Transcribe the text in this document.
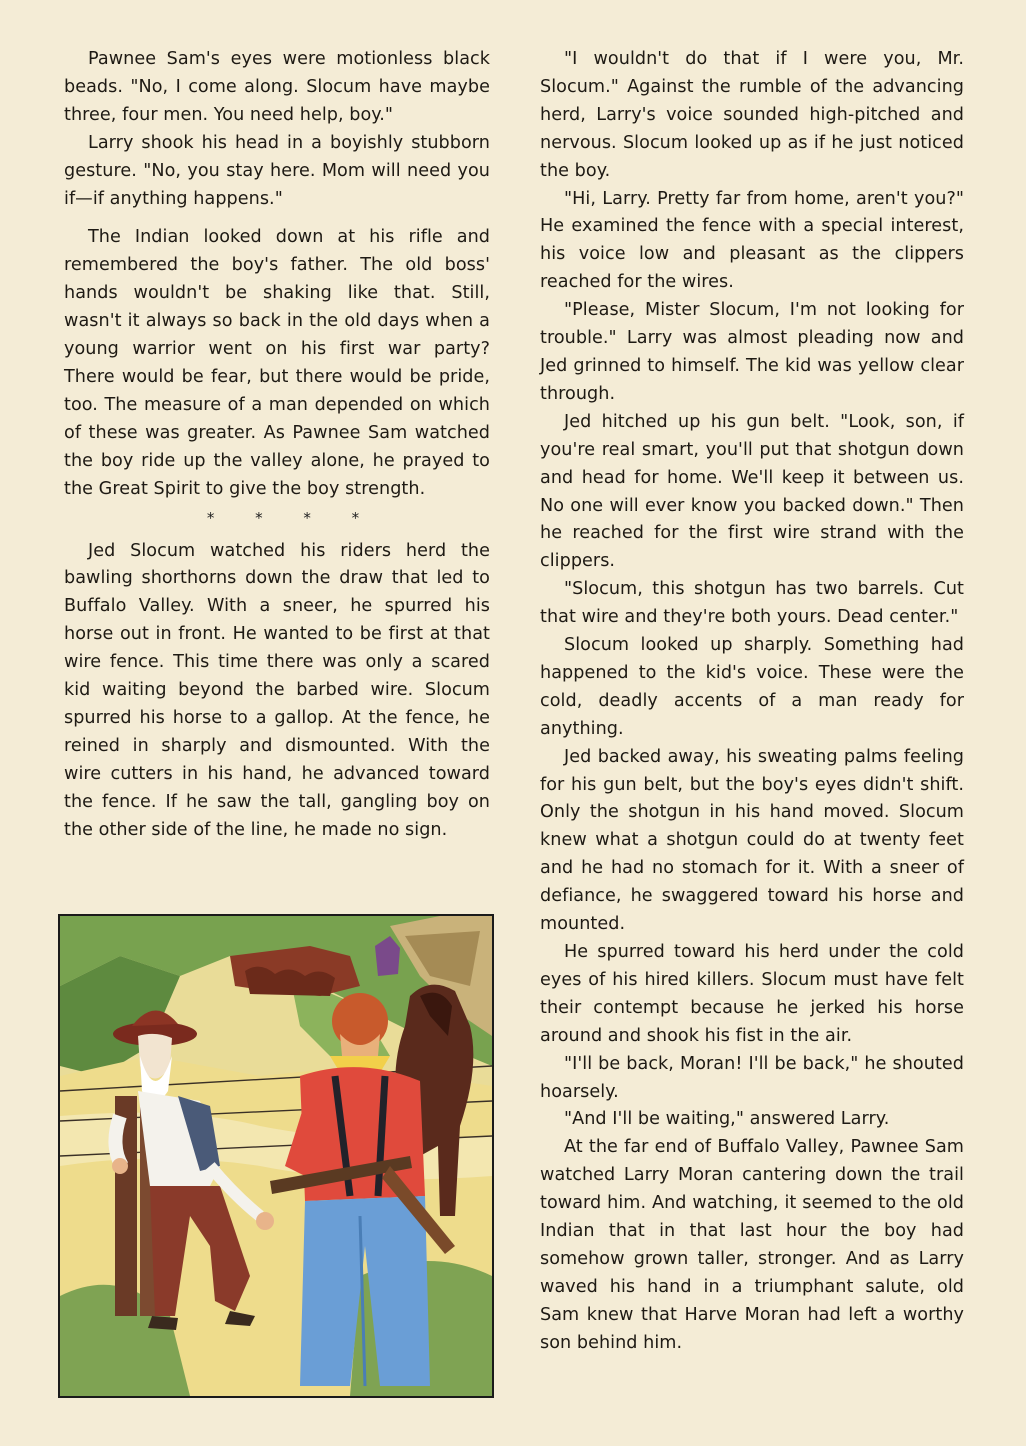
Pawnee Sam's eyes were motionless black beads. "No, I come along. Slocum have maybe three, four men. You need help, boy."

Larry shook his head in a boyishly stubborn gesture. "No, you stay here. Mom will need you if—if anything happens."

The Indian looked down at his rifle and remembered the boy's father. The old boss' hands wouldn't be shaking like that. Still, wasn't it always so back in the old days when a young warrior went on his first war party? There would be fear, but there would be pride, too. The measure of a man depended on which of these was greater. As Pawnee Sam watched the boy ride up the valley alone, he prayed to the Great Spirit to give the boy strength.

* * * *

Jed Slocum watched his riders herd the bawling shorthorns down the draw that led to Buffalo Valley. With a sneer, he spurred his horse out in front. He wanted to be first at that wire fence. This time there was only a scared kid waiting beyond the barbed wire. Slocum spurred his horse to a gallop. At the fence, he reined in sharply and dismounted. With the wire cutters in his hand, he advanced toward the fence. If he saw the tall, gangling boy on the other side of the line, he made no sign.

"I wouldn't do that if I were you, Mr. Slocum." Against the rumble of the advancing herd, Larry's voice sounded high-pitched and nervous. Slocum looked up as if he just noticed the boy.

"Hi, Larry. Pretty far from home, aren't you?" He examined the fence with a special interest, his voice low and pleasant as the clippers reached for the wires.

"Please, Mister Slocum, I'm not looking for trouble." Larry was almost pleading now and Jed grinned to himself. The kid was yellow clear through.

Jed hitched up his gun belt. "Look, son, if you're real smart, you'll put that shotgun down and head for home. We'll keep it between us. No one will ever know you backed down." Then he reached for the first wire strand with the clippers.

"Slocum, this shotgun has two barrels. Cut that wire and they're both yours. Dead center."

Slocum looked up sharply. Something had happened to the kid's voice. These were the cold, deadly accents of a man ready for anything.

Jed backed away, his sweating palms feeling for his gun belt, but the boy's eyes didn't shift. Only the shotgun in his hand moved. Slocum knew what a shotgun could do at twenty feet and he had no stomach for it. With a sneer of defiance, he swaggered toward his horse and mounted.

He spurred toward his herd under the cold eyes of his hired killers. Slocum must have felt their contempt because he jerked his horse around and shook his fist in the air.

"I'll be back, Moran! I'll be back," he shouted hoarsely.

"And I'll be waiting," answered Larry.

At the far end of Buffalo Valley, Pawnee Sam watched Larry Moran cantering down the trail toward him. And watching, it seemed to the old Indian that in that last hour the boy had somehow grown taller, stronger. And as Larry waved his hand in a triumphant salute, old Sam knew that Harve Moran had left a worthy son behind him.
